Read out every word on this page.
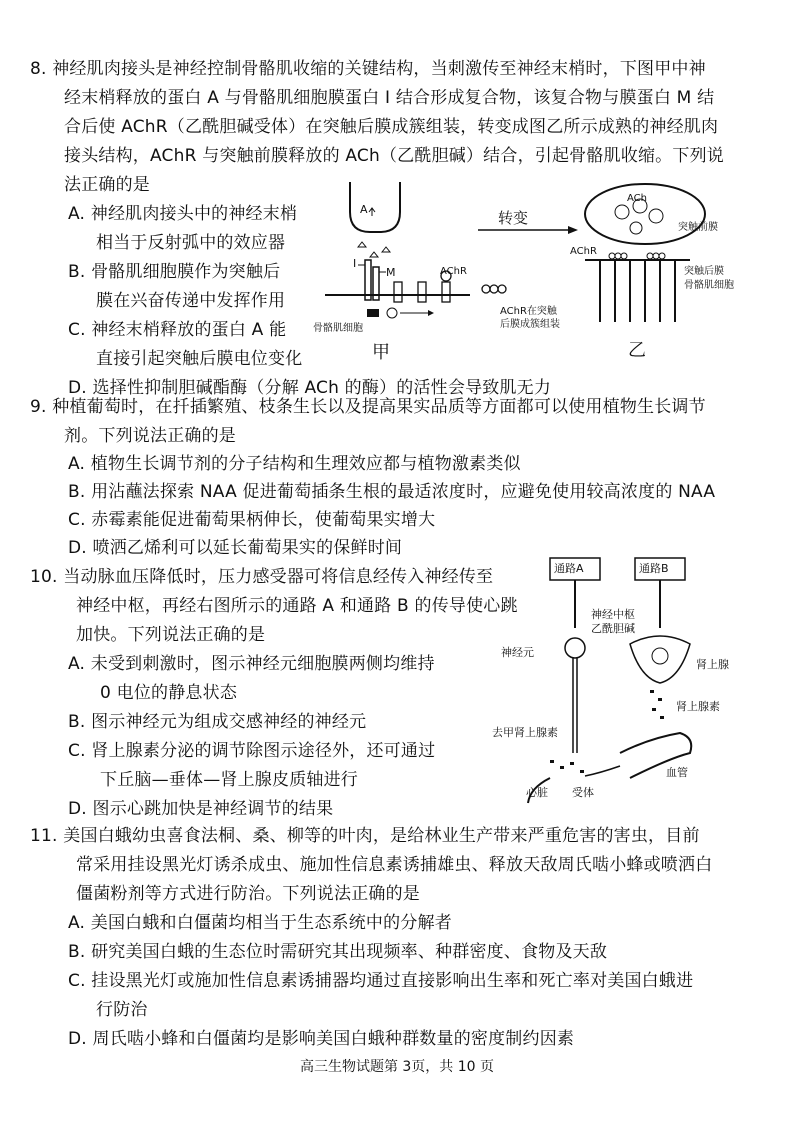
8. 神经肌肉接头是神经控制骨骼肌收缩的关键结构，当刺激传至神经末梢时，下图甲中神
经末梢释放的蛋白 A 与骨骼肌细胞膜蛋白 I 结合形成复合物，该复合物与膜蛋白 M 结
合后使 AChR（乙酰胆碱受体）在突触后膜成簇组装，转变成图乙所示成熟的神经肌肉
接头结构，AChR 与突触前膜释放的 ACh（乙酰胆碱）结合，引起骨骼肌收缩。下列说
法正确的是
A. 神经肌肉接头中的神经末梢
相当于反射弧中的效应器
B. 骨骼肌细胞膜作为突触后
膜在兴奋传递中发挥作用
C. 神经末梢释放的蛋白 A 能
直接引起突触后膜电位变化
D. 选择性抑制胆碱酯酶（分解 ACh 的酶）的活性会导致肌无力
骨骼肌细胞
AChR在突触
后膜成簇组装
I
M
A
AChR
转变
ACh
突触前膜
AChR
突触后膜
骨骼肌细胞
甲	乙
9. 种植葡萄时，在扦插繁殖、枝条生长以及提高果实品质等方面都可以使用植物生长调节
剂。下列说法正确的是
A. 植物生长调节剂的分子结构和生理效应都与植物激素类似
B. 用沾蘸法探索 NAA 促进葡萄插条生根的最适浓度时，应避免使用较高浓度的 NAA
C. 赤霉素能促进葡萄果柄伸长，使葡萄果实增大
D. 喷洒乙烯利可以延长葡萄果实的保鲜时间
10. 当动脉血压降低时，压力感受器可将信息经传入神经传至
神经中枢，再经右图所示的通路 A 和通路 B 的传导使心跳
加快。下列说法正确的是
A. 未受到刺激时，图示神经元细胞膜两侧均维持
0 电位的静息状态
B. 图示神经元为组成交感神经的神经元
C. 肾上腺素分泌的调节除图示途径外，还可通过
下丘脑—垂体—肾上腺皮质轴进行
D. 图示心跳加快是神经调节的结果
通路A	通路B
神经中枢
乙酰胆碱
神经元
肾上腺
肾上腺素
去甲肾上腺素
血管
心脏 受体
11. 美国白蛾幼虫喜食法桐、桑、柳等的叶肉，是给林业生产带来严重危害的害虫，目前
常采用挂设黑光灯诱杀成虫、施加性信息素诱捕雄虫、释放天敌周氏啮小蜂或喷洒白
僵菌粉剂等方式进行防治。下列说法正确的是
A. 美国白蛾和白僵菌均相当于生态系统中的分解者
B. 研究美国白蛾的生态位时需研究其出现频率、种群密度、食物及天敌
C. 挂设黑光灯或施加性信息素诱捕器均通过直接影响出生率和死亡率对美国白蛾进
行防治
D. 周氏啮小蜂和白僵菌均是影响美国白蛾种群数量的密度制约因素
高三生物试题第 3页，共 10 页
